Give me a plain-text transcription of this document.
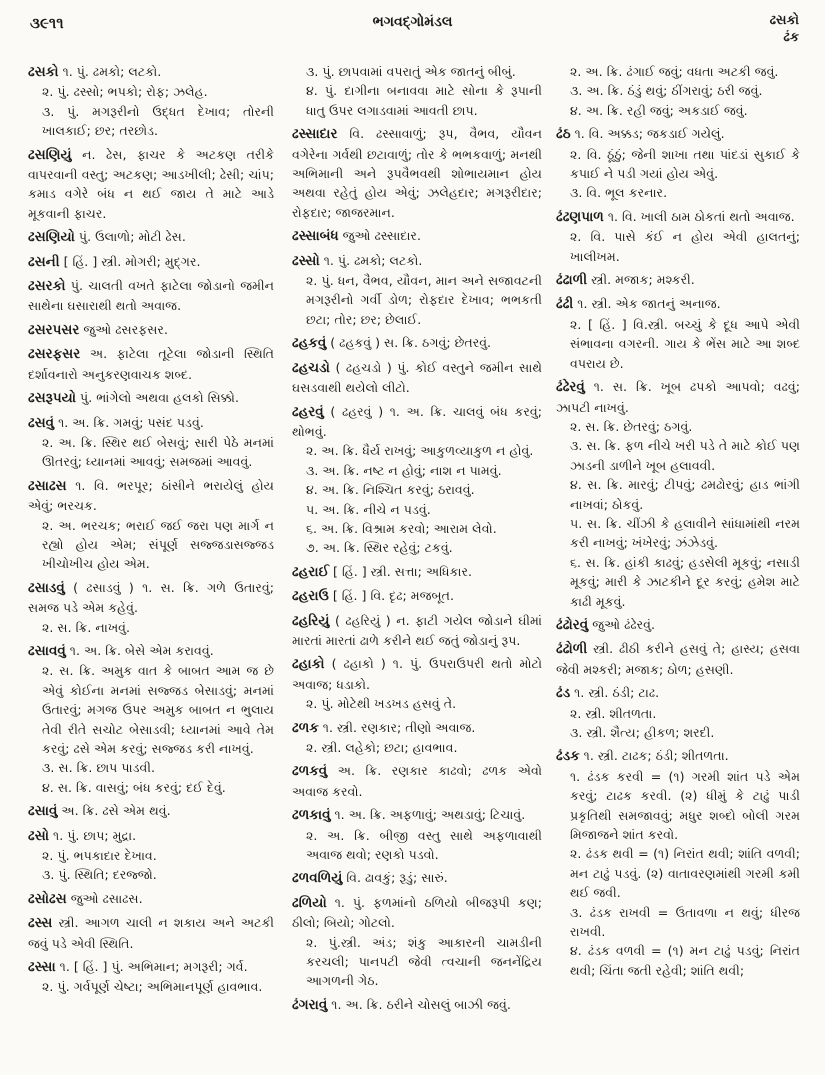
૩૯૧૧	ભગવદ્ગોમંડલ	ઢસકો
ઢંક
ઢસકો ૧. પું. ઢમકો; લટકો.
૨. પું. ઢસ્સો; ભપકો; રોફ; ઝલેહ.
૩. પું. મગરૂરીનો ઉદ્ધત દેખાવ; તોરની ખાલકાઈ; છર; તરછોડ.
ઢસણિયું ન. ઢેસ, ફાચર કે અટકણ તરીકે વાપરવાની વસ્તુ; અટકણ; આડખીલી; ઢેસી; ચાંપ; કમાડ વગેરે બંધ ન થઈ જાય તે માટે આડે મૂકવાની ફાચર.
ઢસણિયો પું. ઉલાળો; મોટી ઢેસ.
ઢસની [ હિં. ] સ્ત્રી. મોગરી; મુદ્ગર.
ઢસરકો પું. ચાલતી વખતે ફાટેલા જોડાનો જમીન સાથેના ઘસારાથી થતો અવાજ.
ઢસરપસર જુઓ ઢસરફસર.
ઢસરફસર અ. ફાટેલા તૂટેલા જોડાની સ્થિતિ દર્શાવનારો અનુકરણવાચક શબ્દ.
ઢસરૂપયો પું. ભાંગેલો અથવા હલકો સિક્કો.
ઢસવું ૧. અ. ક્રિ. ગમવું; પસંદ પડવું.
૨. અ. ક્રિ. સ્થિર થઈ બેસવું; સારી પેઠે મનમાં ઊતરવું; ધ્યાનમાં આવવું; સમજમાં આવવું.
ઢસાઢસ ૧. વિ. ભરપૂર; ઠાંસીને ભરાયેલું હોય એવું; ભરચક.
૨. અ. ભરચક; ભરાઈ જઈ જરા પણ માર્ગ ન રહ્યો હોય એમ; સંપૂર્ણ સજ્જડાસજ્જડ ખીચોખીચ હોય એમ.
ઢસાડવું ( ઢસાડવું ) ૧. સ. ક્રિ. ગળે ઉતારવું; સમજ પડે એમ કહેવું.
૨. સ. ક્રિ. નાખવું.
ઢસાવવું ૧. અ. ક્રિ. બેસે એમ કરાવવું.
૨. સ. ક્રિ. અમુક વાત કે બાબત આમ જ છે એવું કોઈના મનમાં સજ્જડ બેસાડવું; મનમાં ઉતારવું; મગજ ઉપર અમુક બાબત ન ભુલાય તેવી રીતે સચોટ બેસાડવી; ધ્યાનમાં આવે તેમ કરવું; ઢસે એમ કરવું; સજ્જડ કરી નાખવું.
૩. સ. ક્રિ. છાપ પાડવી.
૪. સ. ક્રિ. વાસવું; બંધ કરવું; દઈ દેવું.
ઢસાવું અ. ક્રિ. ઢસે એમ થવું.
ઢસો ૧. પું. છાપ; મુદ્રા.
૨. પું. ભપકાદાર દેખાવ.
૩. પું. સ્થિતિ; દરજ્જો.
ઢસોઢસ જુઓ ઢસાઢસ.
ઢસ્સ સ્ત્રી. આગળ ચાલી ન શકાય અને અટકી જવું પડે એવી સ્થિતિ.
ઢસ્સા ૧. [ હિં. ] પું. અભિમાન; મગરૂરી; ગર્વ.
૨. પું. ગર્વપૂર્ણ ચેષ્ટા; અભિમાનપૂર્ણ હાવભાવ.
૩. પું. છાપવામાં વપરાતું એક જાતનું બીબું.
૪. પું. દાગીના બનાવવા માટે સોના કે રૂપાની ધાતુ ઉપર લગાડવામાં આવતી છાપ.
ઢસ્સાદાર વિ. ઢસ્સાવાળું; રૂપ, વૈભવ, યૌવન વગેરેના ગર્વથી છટાવાળું; તોર કે ભભકવાળું; મનથી અભિમાની અને રૂપવૈભવથી શોભાયમાન હોય અથવા રહેતું હોય એવું; ઝલેહદાર; મગરૂરીદાર; રોફદાર; જાજરમાન.
ઢસ્સાબંધ જુઓ ઢસ્સાદાર.
ઢસ્સો ૧. પું. ઢમકો; લટકો.
૨. પું. ધન, વૈભવ, યૌવન, માન અને સજાવટની મગરૂરીનો ગર્વી ડોળ; રોફદાર દેખાવ; ભભકતી છટા; તોર; છર; છેલાઈ.
ઢહકવું ( ઢહકવું ) સ. ક્રિ. ઠગવું; છેતરવું.
ઢહચડો ( ઢહચડો ) પું. કોઈ વસ્તુને જમીન સાથે ઘસડવાથી થયેલો લીટો.
ઢહરવું ( ઢહરવું ) ૧. અ. ક્રિ. ચાલવું બંધ કરવું; થોભવું.
૨. અ. ક્રિ. ધૈર્ય રાખવું; આકુળવ્યાકુળ ન હોવું.
૩. અ. ક્રિ. નષ્ટ ન હોવું; નાશ ન પામવું.
૪. અ. ક્રિ. નિશ્ચિત કરવું; ઠરાવવું.
૫. અ. ક્રિ. નીચે ન પડવું.
૬. અ. ક્રિ. વિશ્રામ કરવો; આરામ લેવો.
૭. અ. ક્રિ. સ્થિર રહેવું; ટકવું.
ઢહરાઈ [ હિં. ] સ્ત્રી. સત્તા; અધિકાર.
ઢહરાઉ [ હિં. ] વિ. દૃઢ; મજબૂત.
ઢહરિયું ( ઢહરિયું ) ન. ફાટી ગયેલ જોડાને ઘીમાં મારતાં મારતાં ઢાળે કરીને થઈ જતું જોડાનું રૂપ.
ઢહાકો ( ઢહાકો ) ૧. પું. ઉપરાઉપરી થતો મોટો અવાજ; ધડાકો.
૨. પું. મોટેથી ખડખડ હસવું તે.
ઢળક ૧. સ્ત્રી. રણકાર; તીણો અવાજ.
૨. સ્ત્રી. લહેકો; છટા; હાવભાવ.
ઢળકવું અ. ક્રિ. રણકાર કાઢવો; ઢળક એવો અવાજ કરવો.
ઢળકાવું ૧. અ. ક્રિ. અફળાવું; અથડાવું; ટિચાવું.
૨. અ. ક્રિ. બીજી વસ્તુ સાથે અફળાવાથી અવાજ થવો; રણકો પડવો.
ઢળવળિયું વિ. ઢાવકું; રૂડું; સારું.
ઢળિયો ૧. પું. ફળમાંનો ઠળિયો બીજરૂપી કણ; ઠીલો; બિયો; ગોટલો.
૨. પું.સ્ત્રી. અંડ; શંકુ આકારની ચામડીની કરચલી; પાનપટી જેવી ત્વચાની જનનેંદ્રિય આગળની ગેઠ.
ઢંગરાવું ૧. અ. ક્રિ. ઠરીને ચોસલું બાઝી જવું.
૨. અ. ક્રિ. ઢંગાઈ જવું; વધતા અટકી જવું.
૩. અ. ક્રિ. ઠંડું થવું; ઠીંગરાવું; ઠરી જવું.
૪. અ. ક્રિ. રહી જવું; અકડાઈ જવું.
ઢંઠ ૧. વિ. અક્કડ; જકડાઈ ગયેલું.
૨. વિ. ઠૂંઠું; જેની શાખા તથા પાંદડાં સુકાઈ કે કપાઈ ને પડી ગયાં હોય એવું.
૩. વિ. ભૂલ કરનાર.
ઢંઢણપાળ ૧. વિ. ખાલી ઠામ ઠોકતાં થતો અવાજ.
૨. વિ. પાસે કંઈ ન હોય એવી હાલતનું; ખાલીખમ.
ઢંઢાળી સ્ત્રી. મજાક; મશ્કરી.
ઢંઢી ૧. સ્ત્રી. એક જાતનું અનાજ.
૨. [ હિં. ] વિ.સ્ત્રી. બચ્ચું કે દૂધ આપે એવી સંભાવના વગરની. ગાય કે ભેંસ માટે આ શબ્દ વપરાય છે.
ઢંઢેરવું ૧. સ. ક્રિ. ખૂબ ઢપકો આપવો; વઢવું; ઝાપટી નાખવું.
૨. સ. ક્રિ. છેતરવું; ઠગવું.
૩. સ. ક્રિ. ફળ નીચે ખરી પડે તે માટે કોઈ પણ ઝાડની ડાળીને ખૂબ હલાવવી.
૪. સ. ક્રિ. મારવું; ટીપવું; ઢમઢોરવું; હાડ ભાંગી નાખવાં; ઠોકવું.
૫. સ. ક્રિ. ચીંઝી કે હલાવીને સાંધામાંથી નરમ કરી નાખવું; ખંખેરવું; ઝંઝેડવું.
૬. સ. ક્રિ. હાંકી કાઢવું; હડસેલી મૂકવું; નસાડી મૂકવું; મારી કે ઝાટકીને દૂર કરવું; હમેશ માટે કાઢી મૂકવું.
ઢંઢોરવું જુઓ ઢંઢેરવું.
ઢંઢોળી સ્ત્રી. ઢીઠી કરીને હસવું તે; હાસ્ય; હસવા જેવી મશ્કરી; મજાક; ઠોળ; હસણી.
ઢંડ ૧. સ્ત્રી. ઠંડી; ટાઢ.
૨. સ્ત્રી. શીતળતા.
૩. સ્ત્રી. શૈત્ય; હીકળ; શરદી.
ઢંડક ૧. સ્ત્રી. ટાઢક; ઠંડી; શીતળતા.
૧. ઢંડક કરવી = (૧) ગરમી શાંત પડે એમ કરવું; ટાઢક કરવી. (૨) ધીમું કે ટાઢું પાડી પ્રકૃતિથી સમજાવવું; મધુર શબ્દો બોલી ગરમ મિજાજને શાંત કરવો.
૨. ઢંડક થવી = (૧) નિરાંત થવી; શાંતિ વળવી; મન ટાઢું પડવું. (૨) વાતાવરણમાંથી ગરમી કમી થઈ જવી.
૩. ઢંડક રાખવી = ઉતાવળા ન થવું; ધીરજ રાખવી.
૪. ઢંડક વળવી = (૧) મન ટાઢું પડવું; નિરાંત થવી; ચિંતા જતી રહેવી; શાંતિ થવી;
